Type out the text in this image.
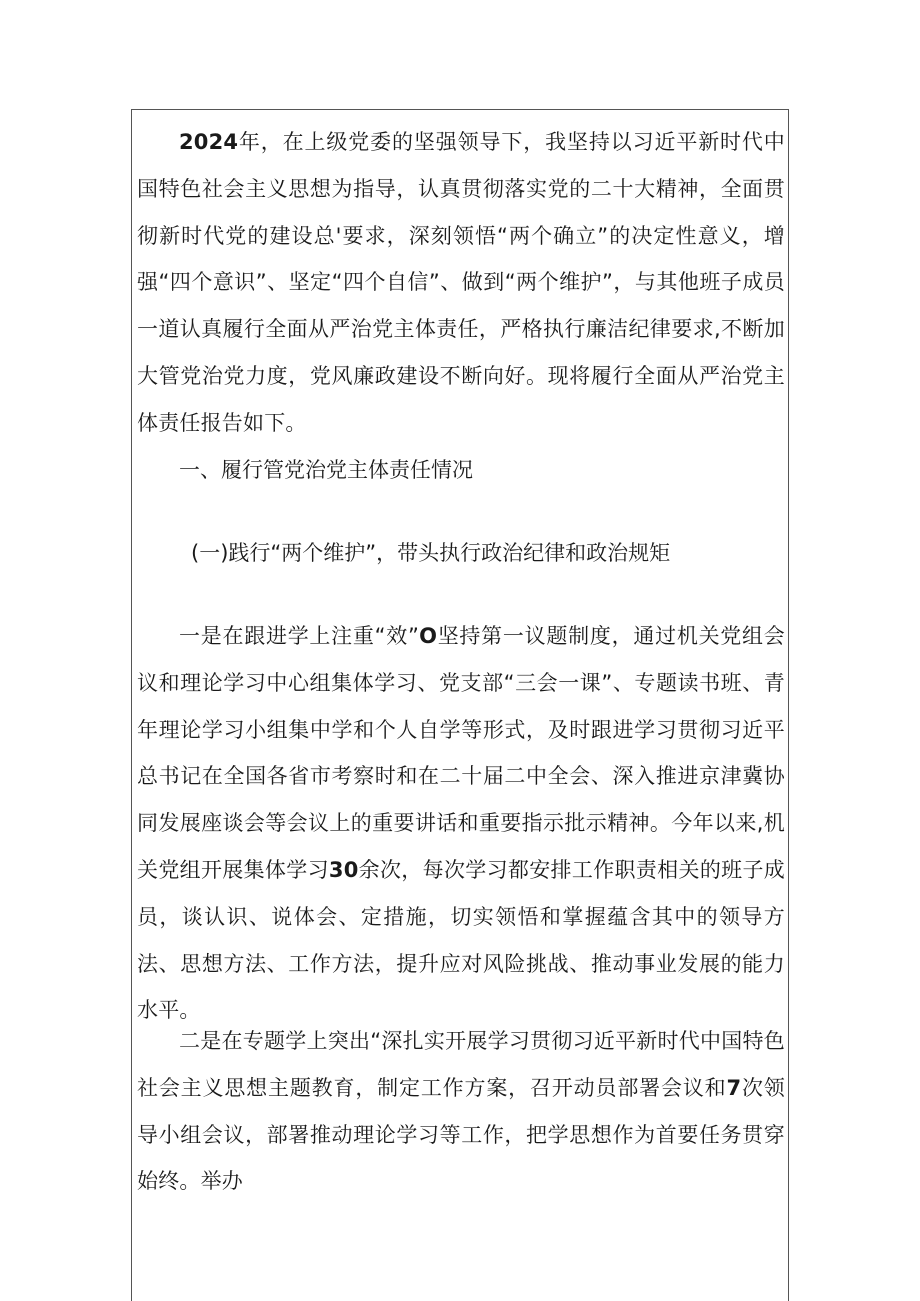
2024年，在上级党委的坚强领导下，我坚持以习近平新时代中国特色社会主义思想为指导，认真贯彻落实党的二十大精神，全面贯彻新时代党的建设总'要求，深刻领悟“两个确立”的决定性意义，增强“四个意识”、坚定“四个自信”、做到“两个维护”，与其他班子成员一道认真履行全面从严治党主体责任，严格执行廉洁纪律要求,不断加大管党治党力度，党风廉政建设不断向好。现将履行全面从严治党主体责任报告如下。

一、履行管党治党主体责任情况
(一)践行“两个维护”，带头执行政治纪律和政治规矩

一是在跟进学上注重“效”O坚持第一议题制度，通过机关党组会议和理论学习中心组集体学习、党支部“三会一课”、专题读书班、青年理论学习小组集中学和个人自学等形式，及时跟进学习贯彻习近平总书记在全国各省市考察时和在二十届二中全会、深入推进京津冀协同发展座谈会等会议上的重要讲话和重要指示批示精神。今年以来,机关党组开展集体学习30余次，每次学习都安排工作职责相关的班子成员，谈认识、说体会、定措施，切实领悟和掌握蕴含其中的领导方法、思想方法、工作方法，提升应对风险挑战、推动事业发展的能力水平。

二是在专题学上突出“深扎实开展学习贯彻习近平新时代中国特色社会主义思想主题教育，制定工作方案，召开动员部署会议和7次领导小组会议，部署推动理论学习等工作，把学思想作为首要任务贯穿始终。举办
